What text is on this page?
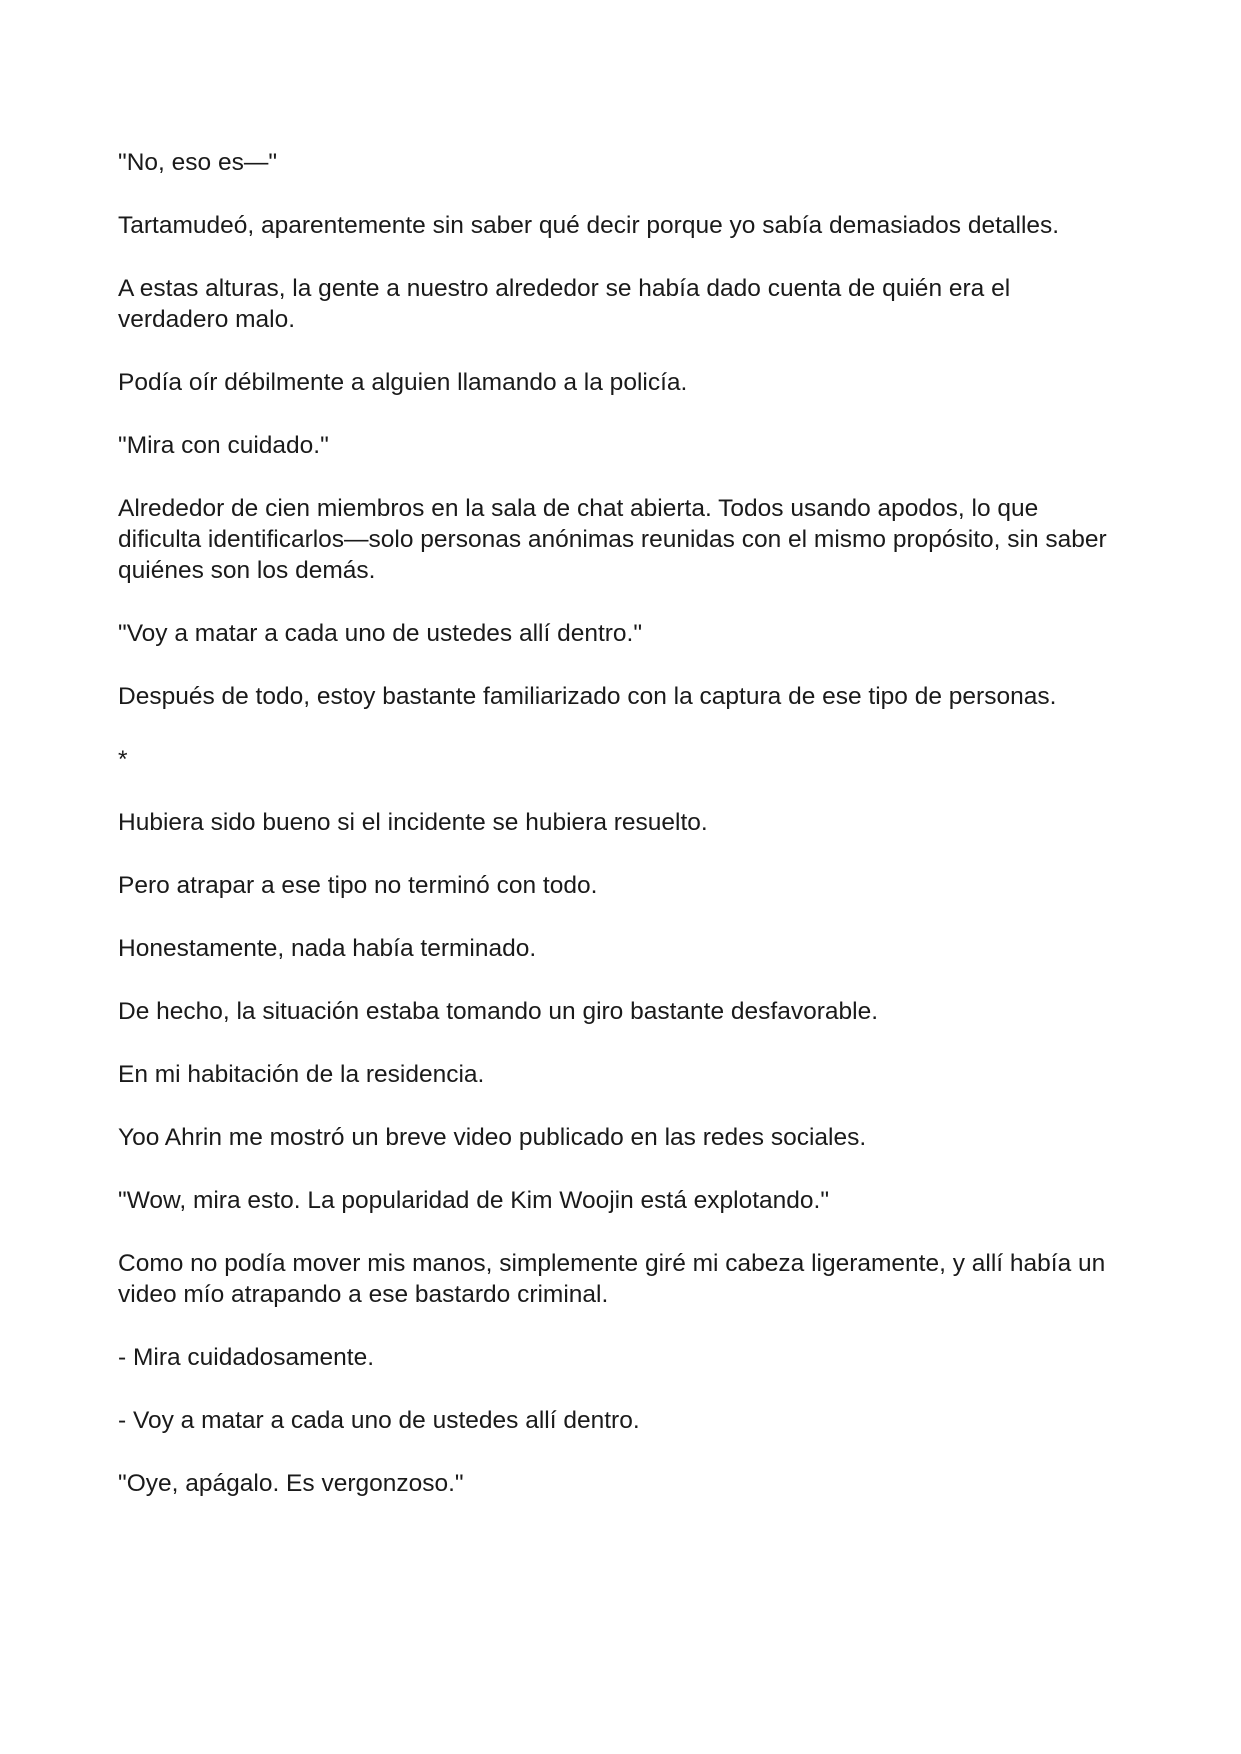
"No, eso es—"

Tartamudeó, aparentemente sin saber qué decir porque yo sabía demasiados detalles.

A estas alturas, la gente a nuestro alrededor se había dado cuenta de quién era el verdadero malo.

Podía oír débilmente a alguien llamando a la policía.

"Mira con cuidado."

Alrededor de cien miembros en la sala de chat abierta. Todos usando apodos, lo que dificulta identificarlos—solo personas anónimas reunidas con el mismo propósito, sin saber quiénes son los demás.

"Voy a matar a cada uno de ustedes allí dentro."

Después de todo, estoy bastante familiarizado con la captura de ese tipo de personas.

*

Hubiera sido bueno si el incidente se hubiera resuelto.

Pero atrapar a ese tipo no terminó con todo.

Honestamente, nada había terminado.

De hecho, la situación estaba tomando un giro bastante desfavorable.

En mi habitación de la residencia.

Yoo Ahrin me mostró un breve video publicado en las redes sociales.

"Wow, mira esto. La popularidad de Kim Woojin está explotando."

Como no podía mover mis manos, simplemente giré mi cabeza ligeramente, y allí había un video mío atrapando a ese bastardo criminal.

- Mira cuidadosamente.

- Voy a matar a cada uno de ustedes allí dentro.

"Oye, apágalo. Es vergonzoso."
